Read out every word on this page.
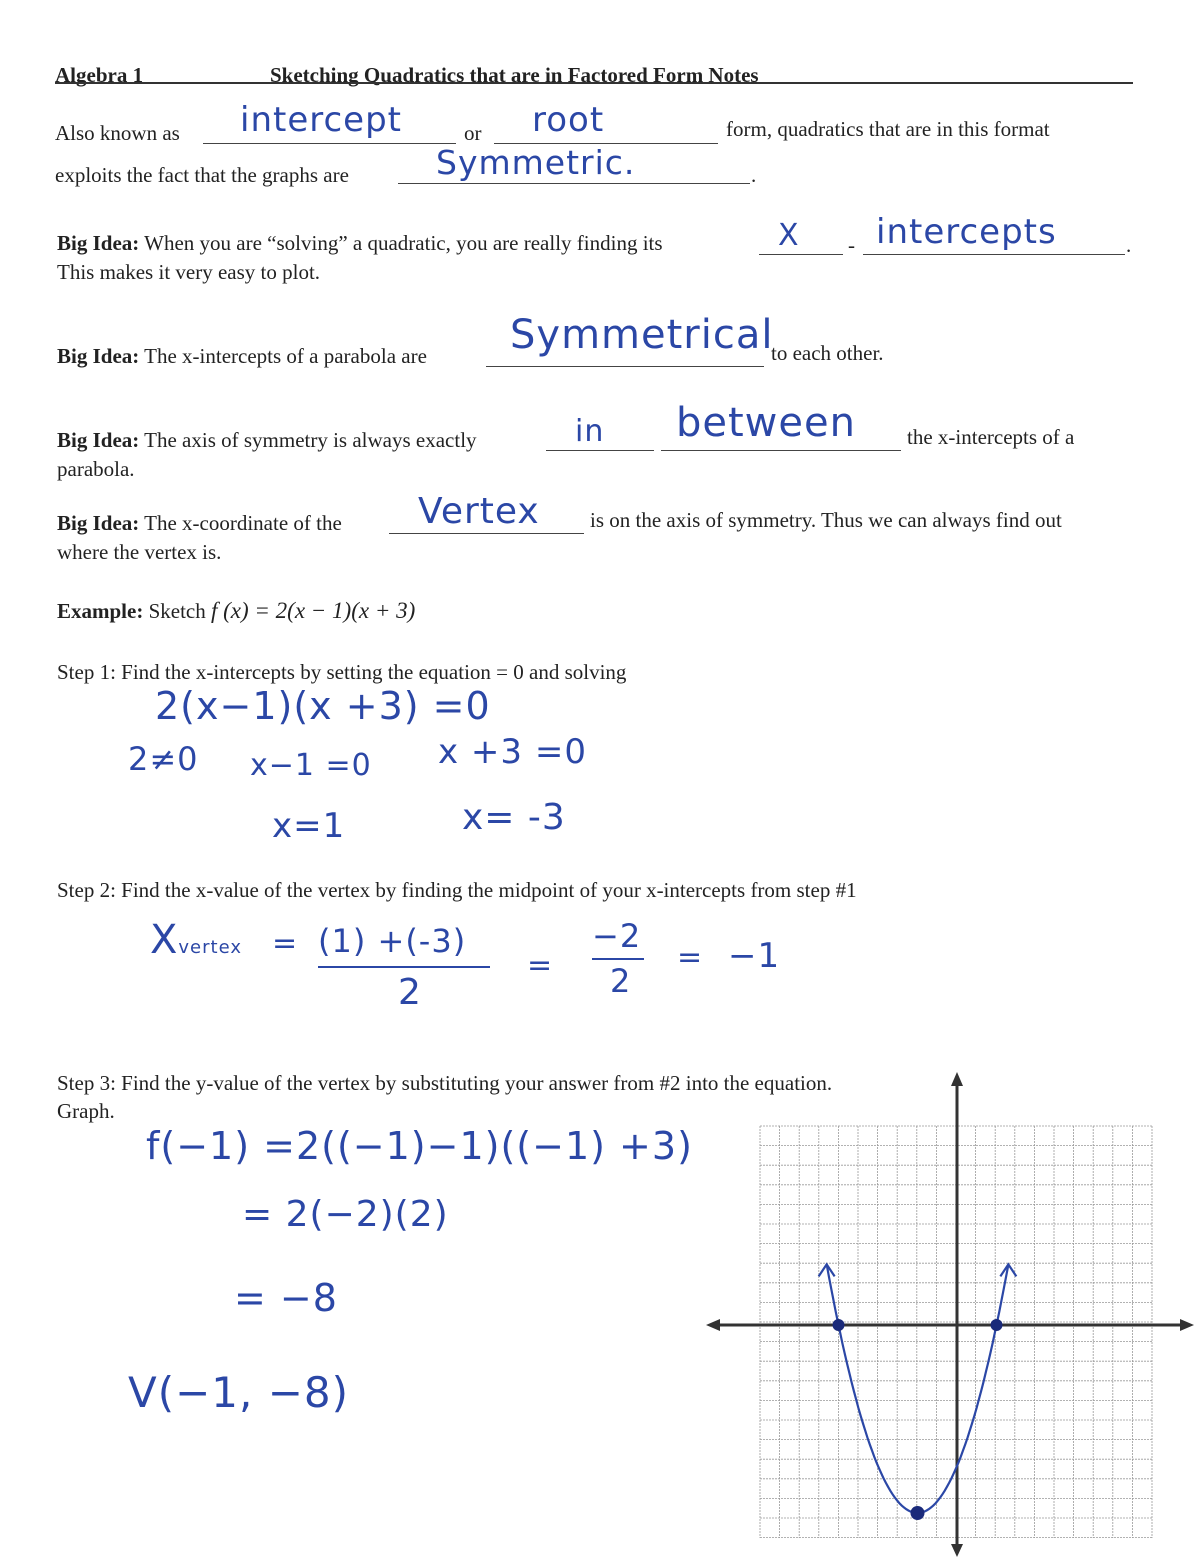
Algebra 1	Sketching Quadratics that are in Factored Form Notes
Also known as intercept	or root	form, quadratics that are in this format
exploits the fact that the graphs are	Symmetric.	.
Big Idea: When you are “solving” a quadratic, you are really finding its	X - intercepts	.
This makes it very easy to plot.
Big Idea: The x-intercepts of a parabola are Symmetrical
to each other.
Big Idea: The axis of symmetry is always exactly	in between the x-intercepts of a
parabola.
Big Idea: The x-coordinate of the Vertex is on the axis of symmetry. Thus we can always find out
where the vertex is.
Example: Sketch f (x) = 2(x − 1)(x + 3)
Step 1: Find the x-intercepts by setting the equation = 0 and solving
2(x−1)(x +3) =0
2≠0 x−1 =0 x +3 =0
x=1	x= -3
Step 2: Find the x-value of the vertex by finding the midpoint of your x-intercepts from step #1
Xvertex = (1) +(-3)
2
=
−2
2
= −1
Step 3: Find the y-value of the vertex by substituting your answer from #2 into the equation.
Graph.
f(−1) =2((−1)−1)((−1) +3)
= 2(−2)(2)
= −8
V(−1, −8)
